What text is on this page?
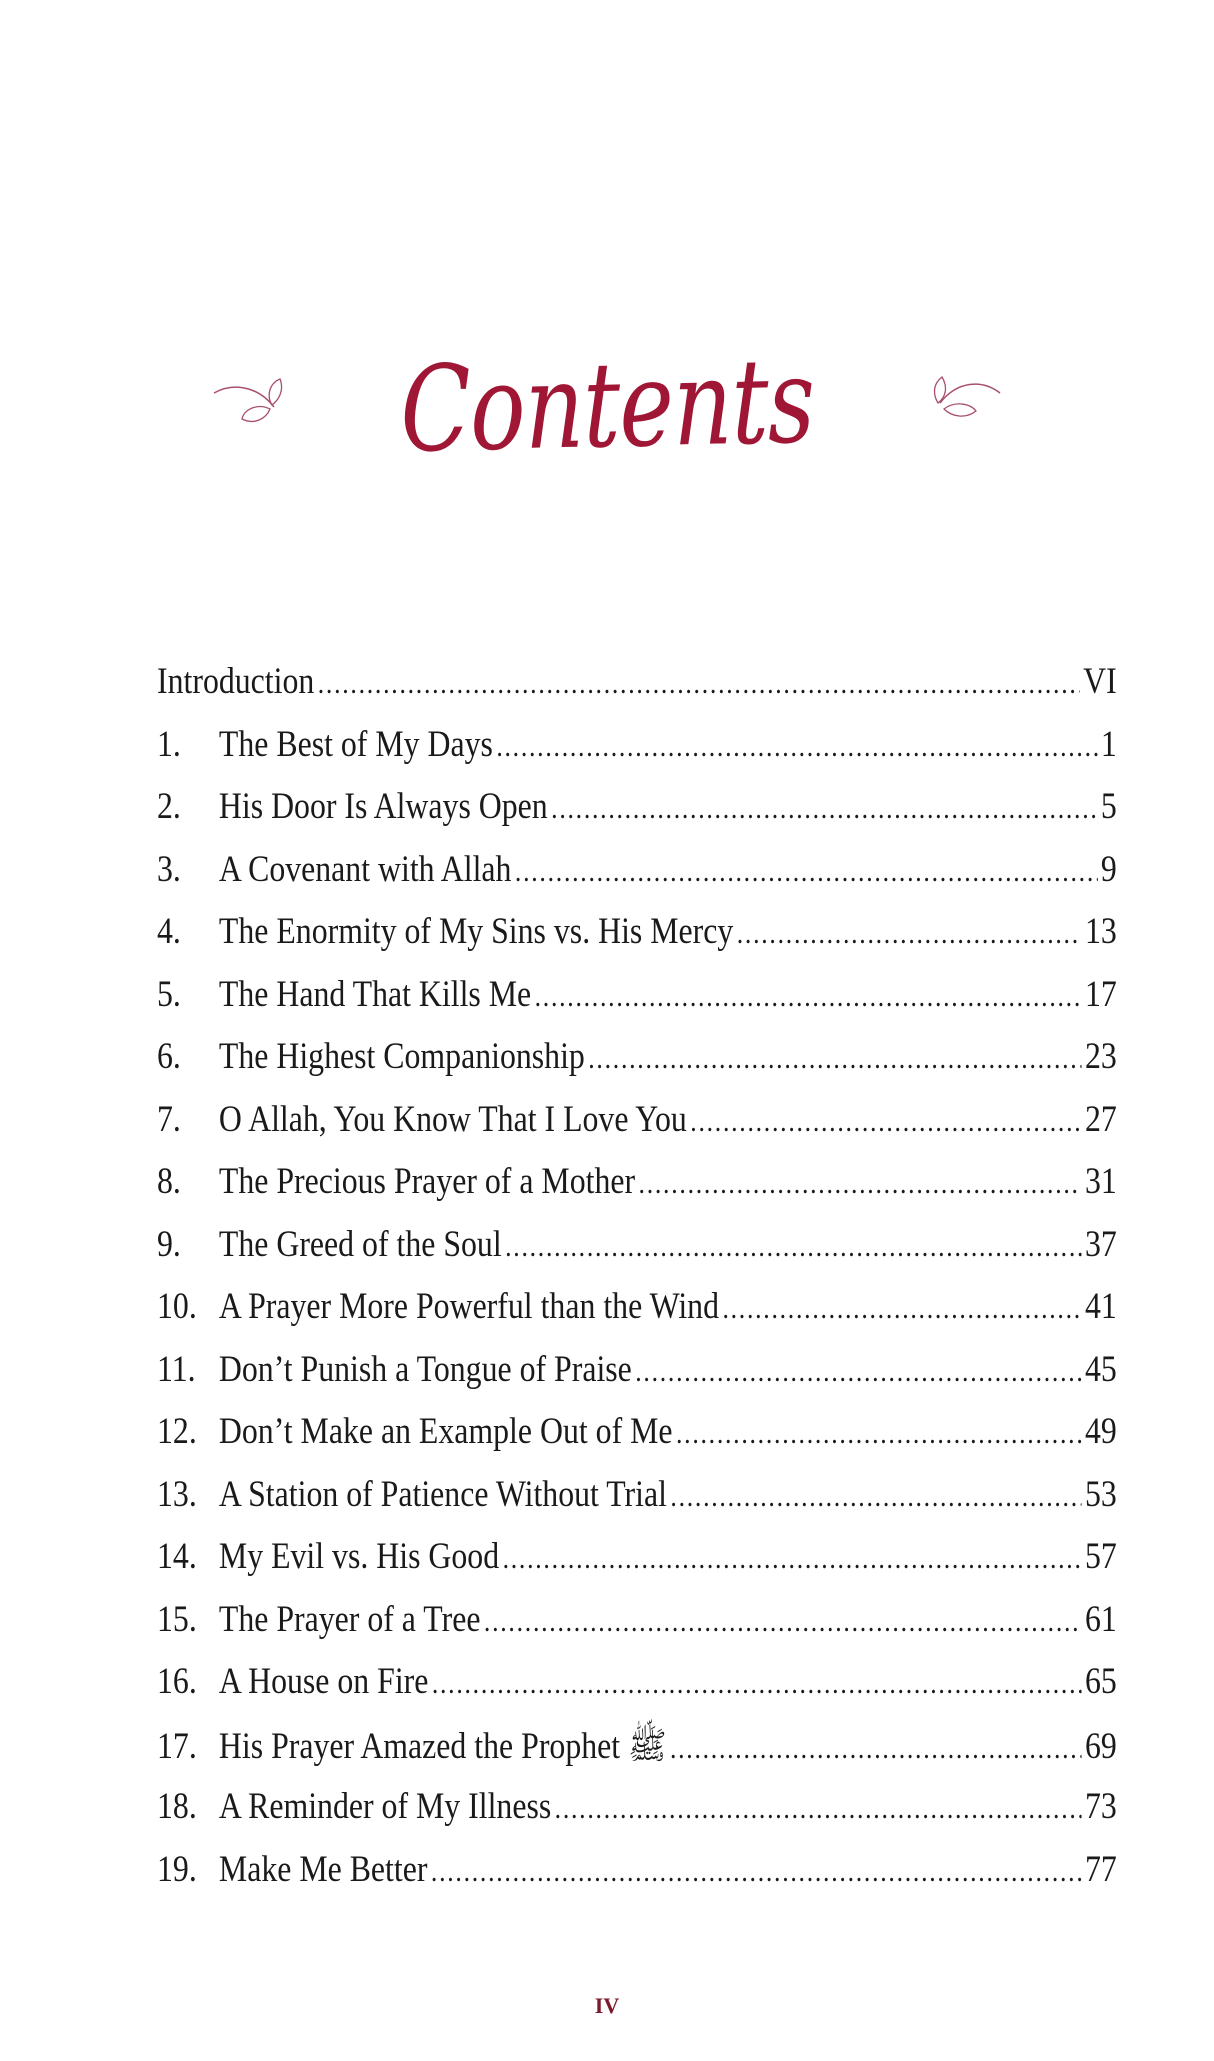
Contents
Introduction .....	VI
1.	The Best of My Days .....	1
2.	His Door Is Always Open .....	5
3.	A Covenant with Allah .....	9
4.	The Enormity of My Sins vs. His Mercy .....	13
5.	The Hand That Kills Me .....	17
6.	The Highest Companionship .....	23
7.	O Allah, You Know That I Love You .....	27
8.	The Precious Prayer of a Mother .....	31
9.	The Greed of the Soul .....	37
10. A Prayer More Powerful than the Wind .....	41
11. Don’t Punish a Tongue of Praise .....	45
12. Don’t Make an Example Out of Me .....	49
13. A Station of Patience Without Trial .....	53
14. My Evil vs. His Good .....	57
15. The Prayer of a Tree .....	61
16. A House on Fire .....	65
17. His Prayer Amazed the Prophet ﷺ .....	69
18. A Reminder of My Illness .....	73
19. Make Me Better .....	77
IV
